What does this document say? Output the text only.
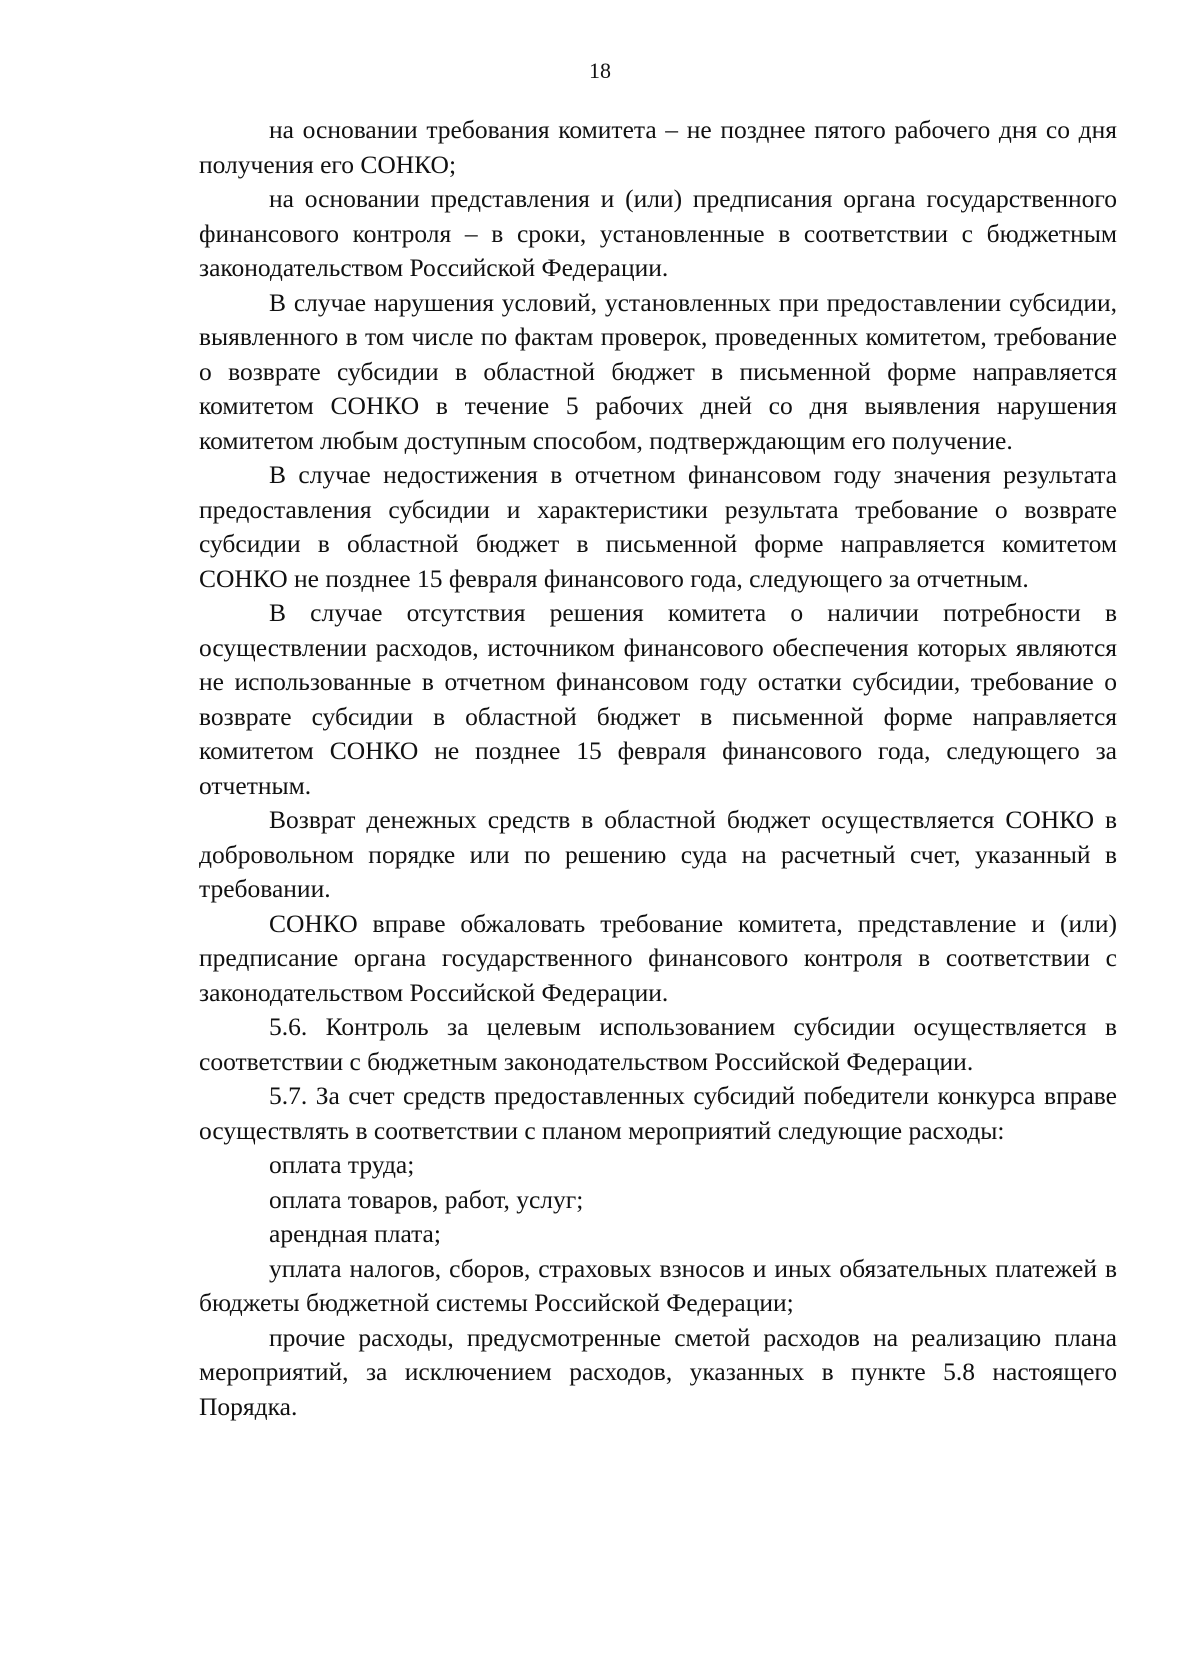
18

на основании требования комитета – не позднее пятого рабочего дня со дня получения его СОНКО;

на основании представления и (или) предписания органа государственного финансового контроля – в сроки, установленные в соответствии с бюджетным законодательством Российской Федерации.

В случае нарушения условий, установленных при предоставлении субсидии, выявленного в том числе по фактам проверок, проведенных комитетом, требование о возврате субсидии в областной бюджет в письменной форме направляется комитетом СОНКО в течение 5 рабочих дней со дня выявления нарушения комитетом любым доступным способом, подтверждающим его получение.

В случае недостижения в отчетном финансовом году значения результата предоставления субсидии и характеристики результата требование о возврате субсидии в областной бюджет в письменной форме направляется комитетом СОНКО не позднее 15 февраля финансового года, следующего за отчетным.

В случае отсутствия решения комитета о наличии потребности в осуществлении расходов, источником финансового обеспечения которых являются не использованные в отчетном финансовом году остатки субсидии, требование о возврате субсидии в областной бюджет в письменной форме направляется комитетом СОНКО не позднее 15 февраля финансового года, следующего за отчетным.

Возврат денежных средств в областной бюджет осуществляется СОНКО в добровольном порядке или по решению суда на расчетный счет, указанный в требовании.

СОНКО вправе обжаловать требование комитета, представление и (или) предписание органа государственного финансового контроля в соответствии с законодательством Российской Федерации.

5.6. Контроль за целевым использованием субсидии осуществляется в соответствии с бюджетным законодательством Российской Федерации.

5.7. За счет средств предоставленных субсидий победители конкурса вправе осуществлять в соответствии с планом мероприятий следующие расходы:

оплата труда;

оплата товаров, работ, услуг;

арендная плата;

уплата налогов, сборов, страховых взносов и иных обязательных платежей в бюджеты бюджетной системы Российской Федерации;

прочие расходы, предусмотренные сметой расходов на реализацию плана мероприятий, за исключением расходов, указанных в пункте 5.8 настоящего Порядка.
